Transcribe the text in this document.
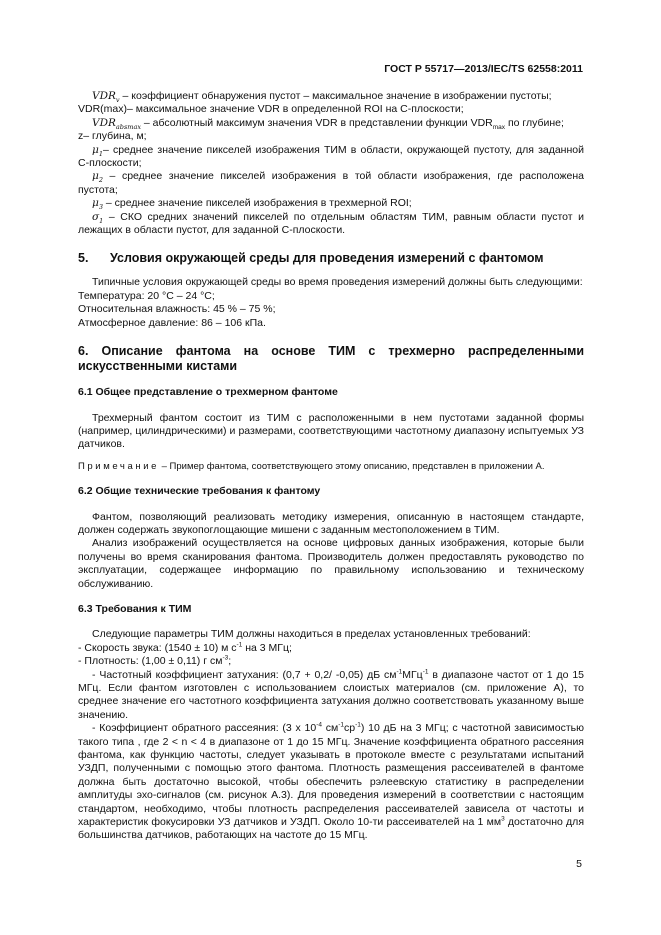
ГОСТ Р 55717—2013/IEC/TS 62558:2011

$VDR_v$ – коэффициент обнаружения пустот – максимальное значение в изображении пустоты;

VDR(max)– максимальное значение VDR в определенной ROI на С-плоскости;

$VDR_{absmax}$ – абсолютный максимум значения VDR в представлении функции $VDR_{max}$ по глубине;

z– глубина, м;

$\mu_1-$ среднее значение пикселей изображения ТИМ в области, окружающей пустоту, для заданной С-плоскости;

$\mu_2$ – среднее значение пикселей изображения в той области изображения, где расположена пустота;

$\mu_3$ – среднее значение пикселей изображения в трехмерной ROI;

$\sigma_1$ – СКО средних значений пикселей по отдельным областям ТИМ, равным области пустот и лежащих в области пустот, для заданной С-плоскости.

5.	Условия окружающей среды для проведения измерений с фантомом

Типичные условия окружающей среды во время проведения измерений должны быть следующими:

Температура: 20 °С – 24 °С;

Относительная влажность: 45 % – 75 %;

Атмосферное давление: 86 – 106 кПа.

6. Описание фантома на основе ТИМ с трехмерно распределенными искусственными кистами
6.1 Общее представление о трехмерном фантоме

Трехмерный фантом состоит из ТИМ с расположенными в нем пустотами заданной формы (например, цилиндрическими) и размерами, соответствующими частотному диапазону испытуемых УЗ датчиков.

Примечание – Пример фантома, соответствующего этому описанию, представлен в приложении А.

6.2 Общие технические требования к фантому

Фантом, позволяющий реализовать методику измерения, описанную в настоящем стандарте, должен содержать звукопоглощающие мишени с заданным местоположением в ТИМ.

Анализ изображений осуществляется на основе цифровых данных изображения, которые были получены во время сканирования фантома. Производитель должен предоставлять руководство по эксплуатации, содержащее информацию по правильному использованию и техническому обслуживанию.

6.3 Требования к ТИМ

Следующие параметры ТИМ должны находиться в пределах установленных требований:

- Скорость звука: (1540 ± 10) м $с^{-1}$ на 3 МГц;

- Плотность: (1,00 ± 0,11) г $см^{-3}$;

- Частотный коэффициент затухания: (0,7 + 0,2/ -0,05) дБ $см^{-1}МГц^{-1}$ в диапазоне частот от 1 до 15 МГц. Если фантом изготовлен с использованием слоистых материалов (см. приложение А), то среднее значение его частотного коэффициента затухания должно соответствовать указанному выше значению.

- Коэффициент обратного рассеяния: (3 x $10^{-4}$ $см^{-1}ср^{-1}$) 10 дБ на 3 МГц; с частотной зависимостью такого типа , где 2 < n < 4 в диапазоне от 1 до 15 МГц. Значение коэффициента обратного рассеяния фантома, как функцию частоты, следует указывать в протоколе вместе с результатами испытаний УЗДП, полученными с помощью этого фантома. Плотность размещения рассеивателей в фантоме должна быть достаточно высокой, чтобы обеспечить рэлеевскую статистику в распределении амплитуды эхо-сигналов (см. рисунок А.3). Для проведения измерений в соответствии с настоящим стандартом, необходимо, чтобы плотность распределения рассеивателей зависела от частоты и характеристик фокусировки УЗ датчиков и УЗДП. Около 10-ти рассеивателей на 1 $мм^3$ достаточно для большинства датчиков, работающих на частоте до 15 МГц.

5
